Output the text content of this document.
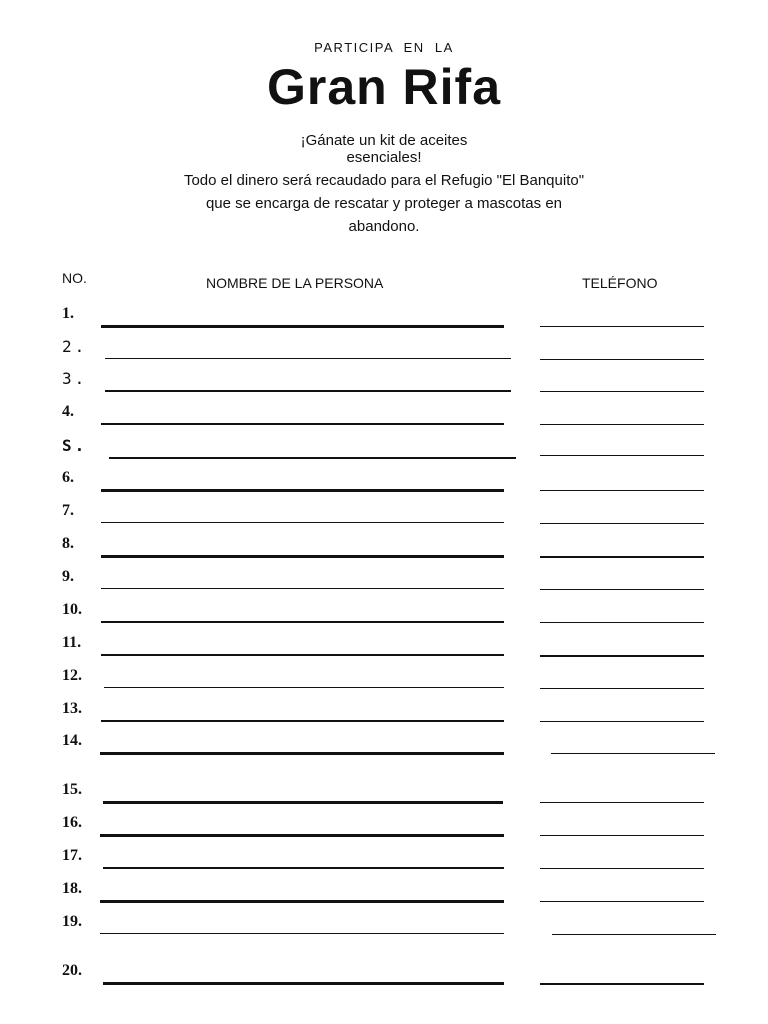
PARTICIPA  EN  LA
Gran Rifa
¡Gánate un kit de aceites
esenciales!
Todo el dinero será recaudado para el Refugio "El Banquito"
que se encarga de rescatar y proteger a mascotas en
abandono.
NO.	NOMBRE DE LA PERSONA	TELÉFONO
1.
2.
3.
4.
S.
6.
7.
8.
9.
10.
11.
12.
13.
14.
15.
16.
17.
18.
19.
20.
